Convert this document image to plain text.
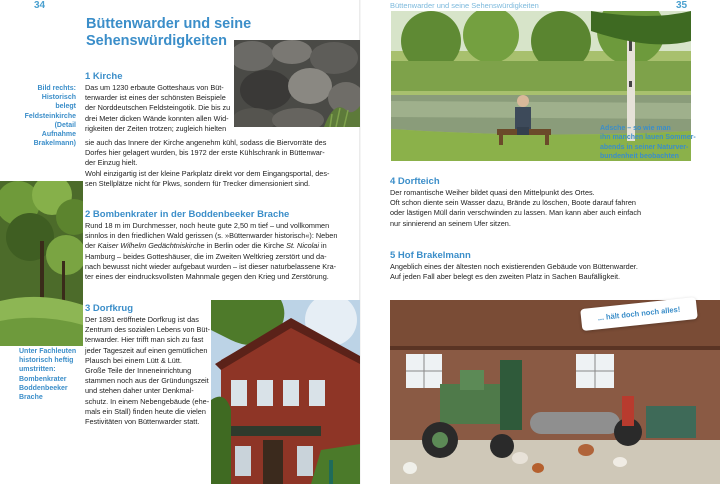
34
Büttenwarder und seine
Sehenswürdigkeiten
Bild rechts:
Historisch belegt
Feldsteinkirche
(Detail Aufnahme
Brakelmann)
1 Kirche
Das um 1230 erbaute Gotteshaus von Büt-
tenwarder ist eines der schönsten Beispiele
der Norddeutschen Feldsteingotik. Die bis zu
drei Meter dicken Wände konnten allen Wid-
rigkeiten der Zeiten trotzen; zugleich hielten
sie auch das Innere der Kirche angenehm kühl, sodass die Biervorräte des
Dorfes hier gelagert wurden, bis 1972 der erste Kühlschrank in Büttenwar-
der Einzug hielt.
Wohl einzigartig ist der kleine Parkplatz direkt vor dem Eingangsportal, des-
sen Stellplätze nicht für Pkws, sondern für Trecker dimensioniert sind.
2 Bombenkrater in der Boddenbeeker Brache
Rund 18 m im Durchmesser, noch heute gute 2,50 m tief – und vollkommen
sinnlos in den friedlichen Wald gerissen (s. »Büttenwarder historisch«): Neben
der Kaiser Wilhelm Gedächtniskirche in Berlin oder die Kirche St. Nicolai in
Hamburg – beides Gotteshäuser, die im Zweiten Weltkrieg zerstört und da-
nach bewusst nicht wieder aufgebaut wurden – ist dieser naturbelassene Kra-
ter eines der eindrucksvollsten Mahnmale gegen den Krieg und Zerstörung.
Unter Fachleuten
historisch heftig
umstritten:
Bombenkrater
Boddenbeeker
Brache
3 Dorfkrug
Der 1891 eröffnete Dorfkrug ist das
Zentrum des sozialen Lebens von Büt-
tenwarder. Hier trifft man sich zu fast
jeder Tageszeit auf einen gemütlichen
Plausch bei einem Lütt & Lütt.
Große Teile der Inneneinrichtung
stammen noch aus der Gründungszeit
und stehen daher unter Denkmal-
schutz. In einem Nebengebäude (ehe-
mals ein Stall) finden heute die vielen
Festivitäten von Büttenwarder statt.
Büttenwarder und seine Sehenswürdigkeiten	35
Adsche – so wie man
ihn manchen lauen Sommer-
abends in seiner Naturver-
bundenheit beobachten
4 Dorfteich
Der romantische Weiher bildet quasi den Mittelpunkt des Ortes.
Oft schon diente sein Wasser dazu, Brände zu löschen, Boote darauf fahren
oder lästigen Müll darin verschwinden zu lassen. Man kann aber auch einfach
nur sinnierend an seinem Ufer sitzen.
5 Hof Brakelmann
Angeblich eines der ältesten noch existierenden Gebäude von Büttenwarder.
Auf jeden Fall aber belegt es den zweiten Platz in Sachen Baufälligkeit.
... hält doch noch alles!
